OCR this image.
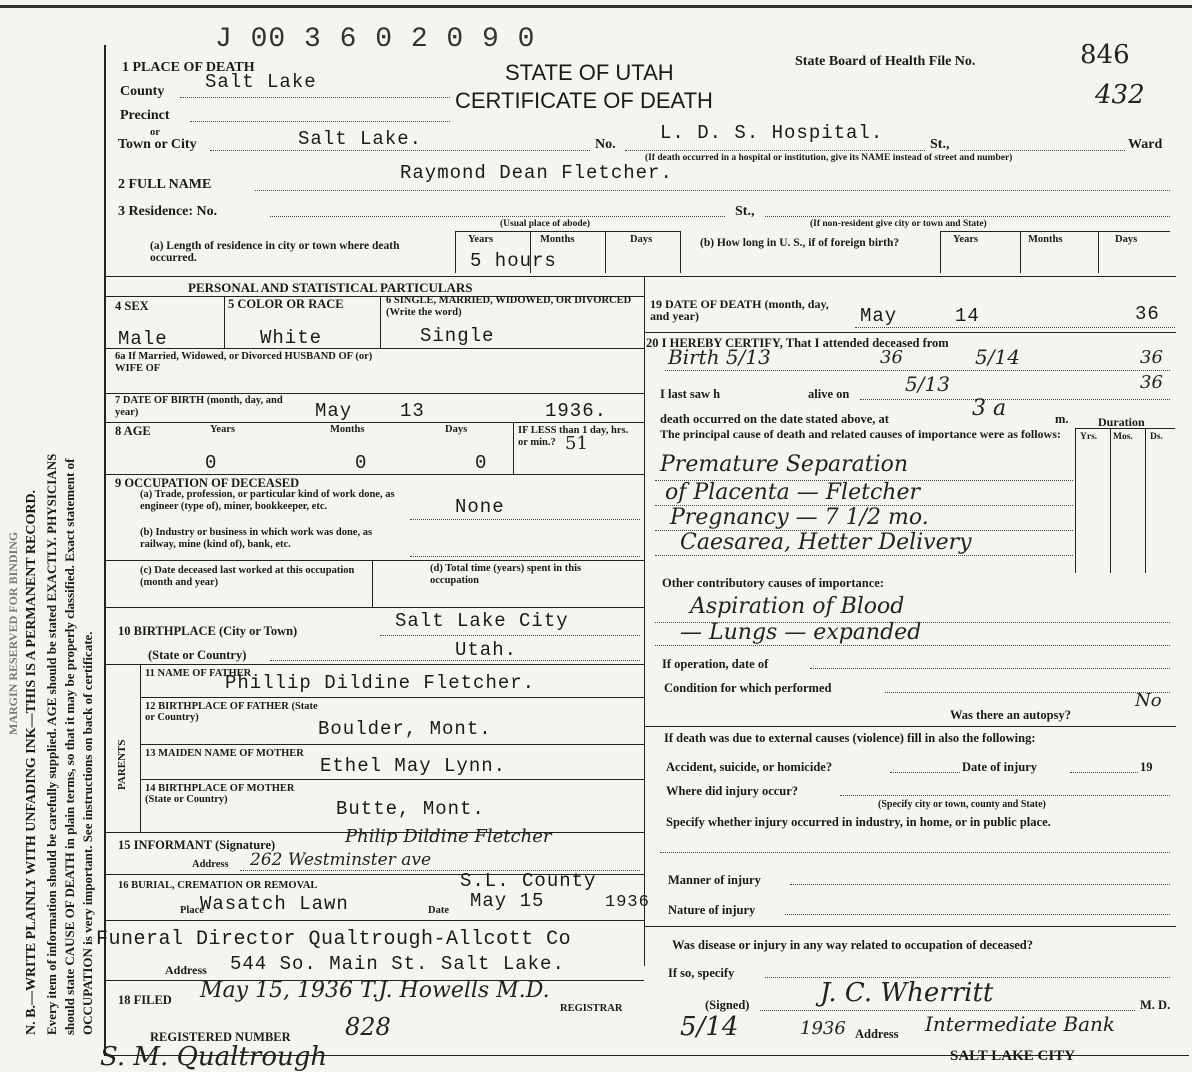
MARGIN RESERVED FOR BINDING N. B.—WRITE PLAINLY WITH UNFADING INK—THIS IS A PERMANENT RECORD. Every item of information should be carefully supplied. AGE should be stated EXACTLY. PHYSICIANS should state CAUSE OF DEATH in plain terms, so that it may be properly classified. Exact statement of OCCUPATION is very important. See instructions on back of certificate.
J 00 3 6 0 2 0 9 0
STATE OF UTAH
CERTIFICATE OF DEATH
State Board of Health File No.	846
432
1 PLACE OF DEATH
County Salt Lake
Precinct
or
Town or City	Salt Lake.	No.
L. D. S. Hospital.
St.,	Ward
(If death occurred in a hospital or institution, give its NAME instead of street and number)
2 FULL NAME
Raymond Dean Fletcher.
3 Residence: No.	St.,
(Usual place of abode)	(If non-resident give city or town and State)
(a) Length of residence in city or town where death occurred.
Years	Months	Days
5 hours
(b) How long in U. S., if of foreign birth?	Years	Months	Days
PERSONAL AND STATISTICAL PARTICULARS
4 SEX
Male
5 COLOR OR RACE
White
6 SINGLE, MARRIED, WIDOWED, OR DIVORCED (Write the word)
Single
6a If Married, Widowed, or Divorced HUSBAND OF (or) WIFE OF
7 DATE OF BIRTH (month, day, and year)	May	13	1936.
8 AGE	Years	Months	Days	IF LESS than 1 day, hrs. or min.?
0	0	0
51
9 OCCUPATION OF DECEASED
(a) Trade, profession, or particular kind of work done, as engineer (type of), miner, bookkeeper, etc.	None
(b) Industry or business in which work was done, as railway, mine (kind of), bank, etc.
(c) Date deceased last worked at this occupation (month and year)
(d) Total time (years) spent in this occupation
10 BIRTHPLACE (City or Town)	Salt Lake City
(State or Country)	Utah.
PARENTS
11 NAME OF FATHER
Phillip Dildine Fletcher.
12 BIRTHPLACE OF FATHER (State or Country)
Boulder, Mont.
13 MAIDEN NAME OF MOTHER
Ethel May Lynn.
14 BIRTHPLACE OF MOTHER (State or Country)	Butte, Mont.
15 INFORMANT (Signature)	Philip Dildine Fletcher
Address 262 Westminster ave
16 BURIAL, CREMATION OR REMOVAL	S.L. County
Place
Wasatch Lawn	Date May 15	1936
Funeral Director Qualtrough-Allcott Co
Address 544 So. Main St. Salt Lake.
18 FILED May 15, 1936 T.J. Howells M.D.
REGISTRAR
REGISTERED NUMBER 828
S. M. Qualtrough
19 DATE OF DEATH (month, day, and year)	May	14	36
20 I HEREBY CERTIFY, That I attended deceased from
Birth 5/13	5/14
36	36
I last saw h	alive on	5/13	36
death occurred on the date stated above, at	3 a	m. Duration
Yrs. Mos. Ds.
The principal cause of death and related causes of importance were as follows:
Premature Separation
of Placenta — Fletcher
Pregnancy — 7 1/2 mo.
Caesarea, Hetter Delivery
Other contributory causes of importance:
Aspiration of Blood
— Lungs — expanded
If operation, date of
Condition for which performed
Was there an autopsy?
No
If death was due to external causes (violence) fill in also the following:
Accident, suicide, or homicide?	Date of injury	19
Where did injury occur?
(Specify city or town, county and State)
Specify whether injury occurred in industry, in home, or in public place.
Manner of injury
Nature of injury
Was disease or injury in any way related to occupation of deceased?
If so, specify
(Signed)	J. C. Wherritt	M. D.
5/14	1936 Address Intermediate Bank
SALT LAKE CITY
